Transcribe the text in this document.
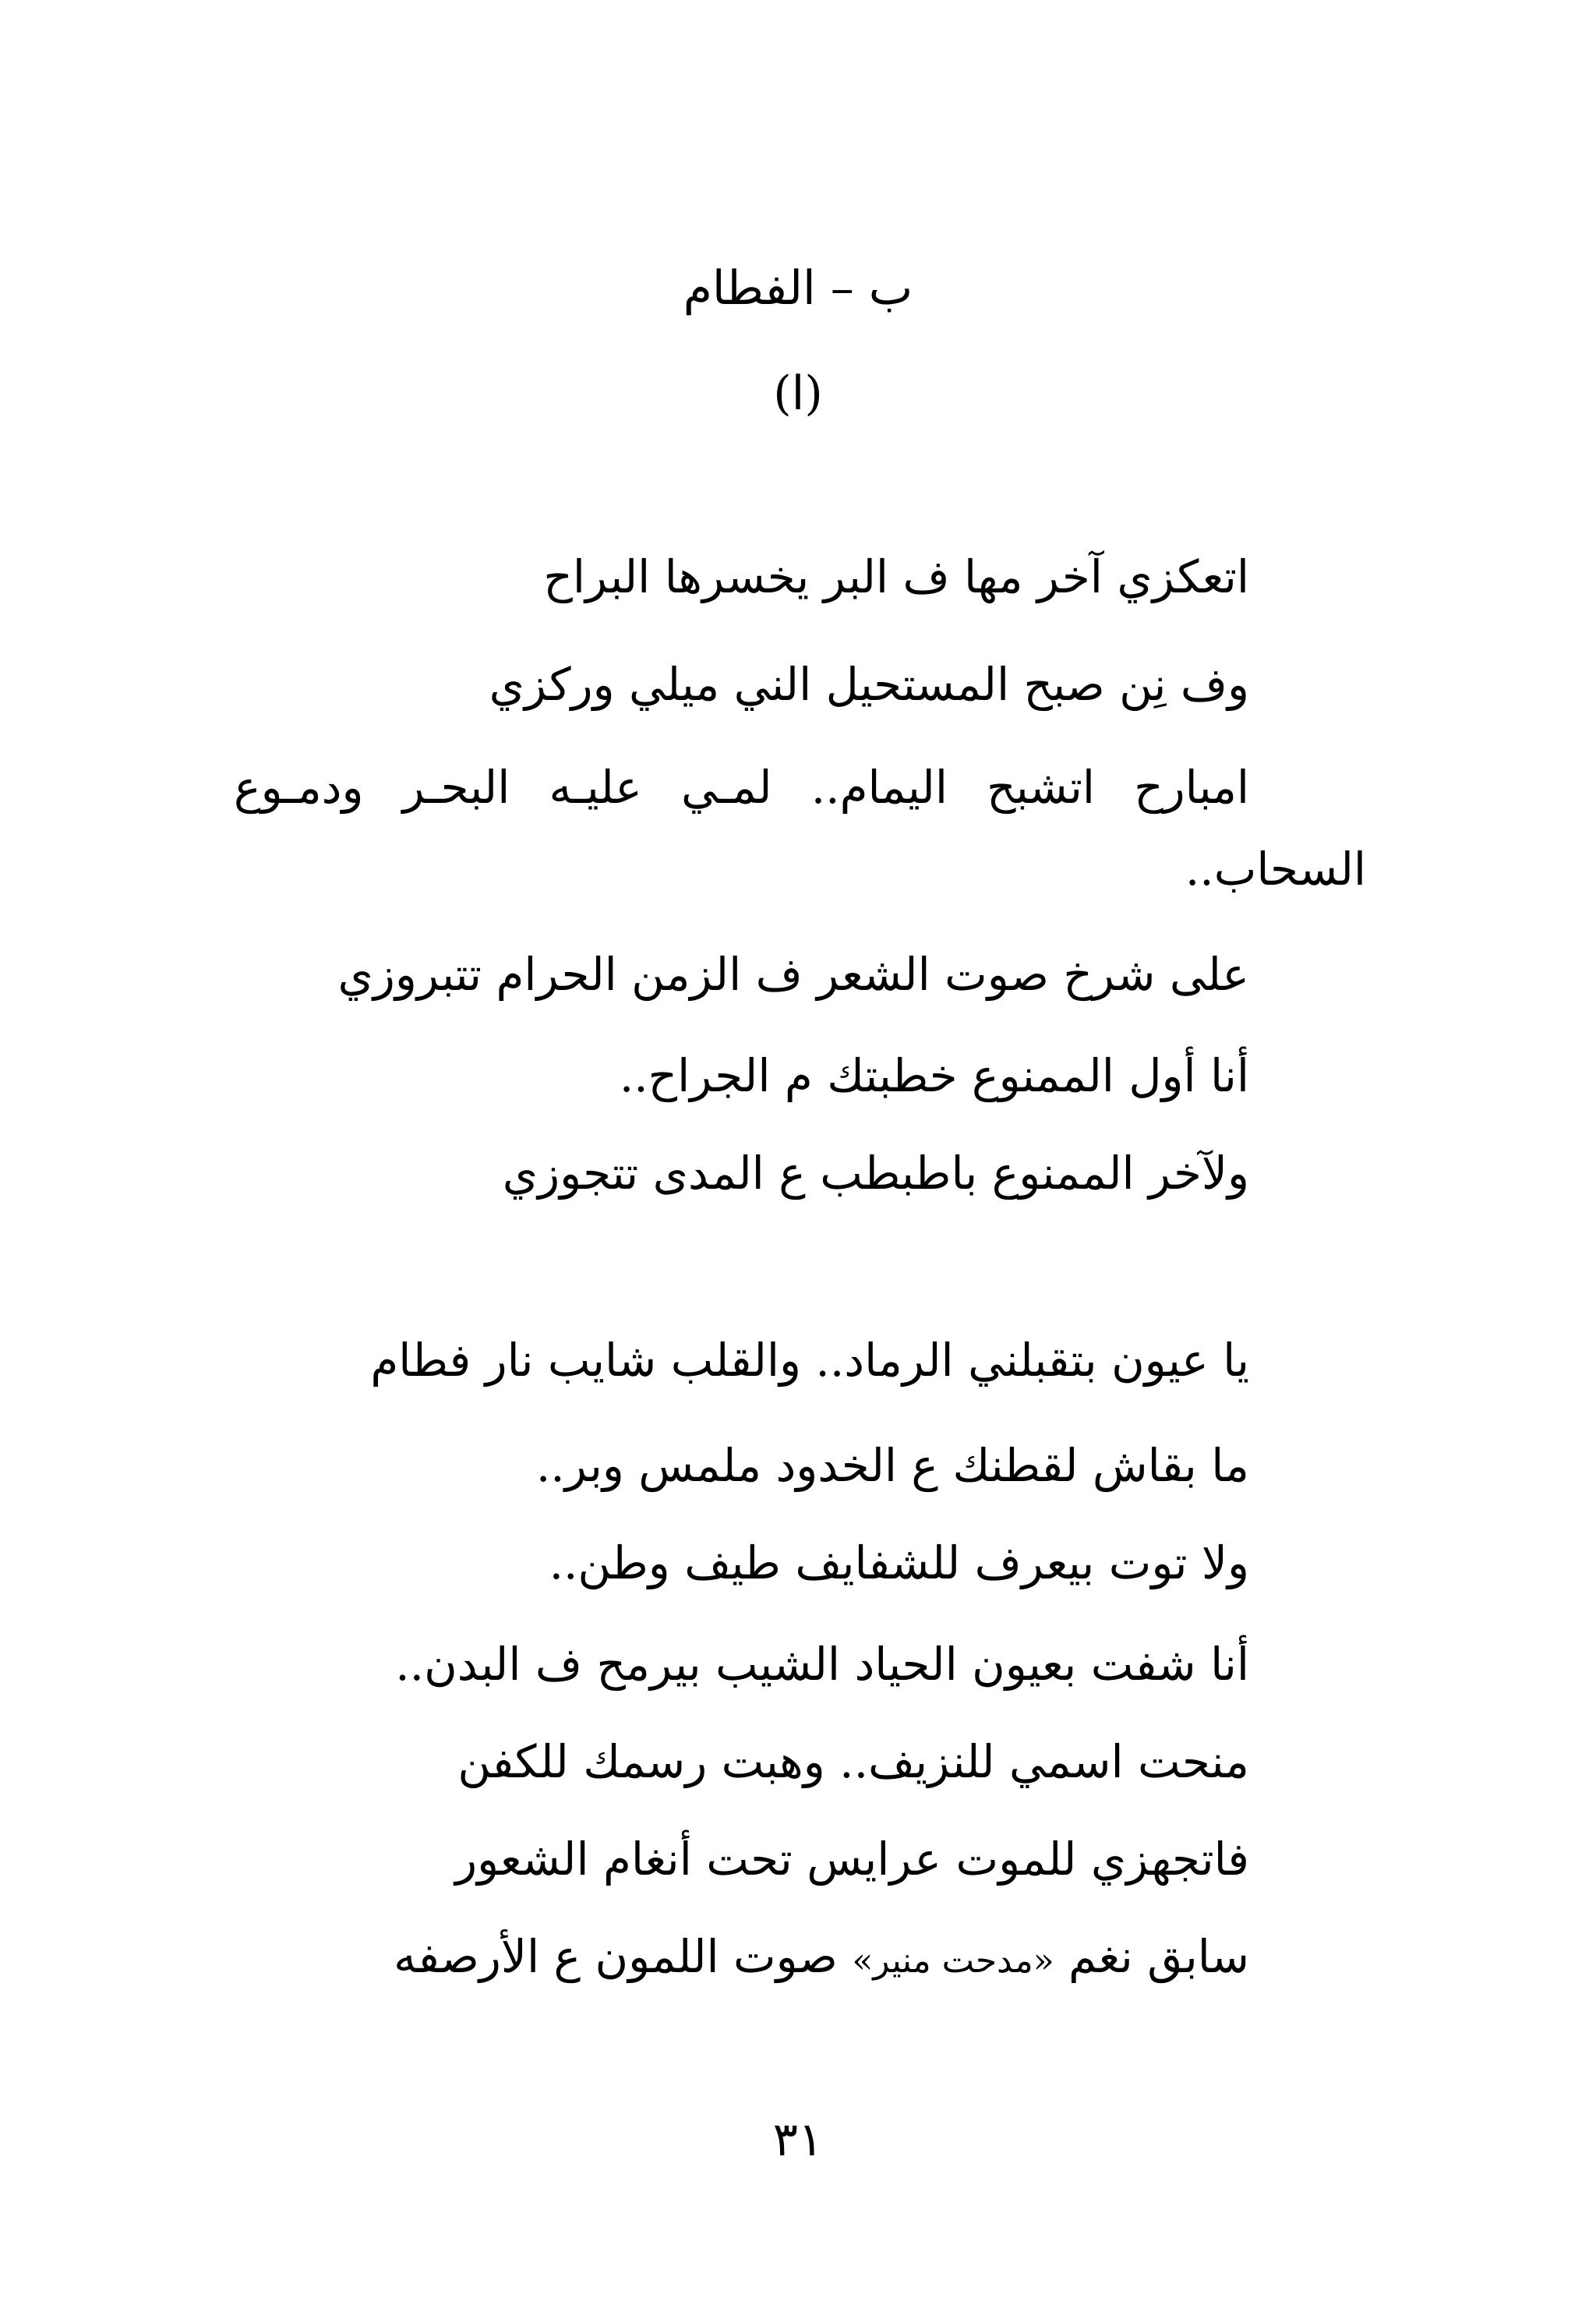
ب – الفطام
(ا)
اتعكزي آخر مها ف البر يخسرها البراح
وف نِن صبح المستحيل الني ميلي وركزي
امبارح اتشبح اليمام.. لمـي عليـه البحـر ودمـوع
السحاب..
على شرخ صوت الشعر ف الزمن الحرام تتبروزي
أنا أول الممنوع خطبتك م الجراح..
ولآخر الممنوع باطبطب ع المدى تتجوزي
يا عيون بتقبلني الرماد.. والقلب شايب نار فطام
ما بقاش لقطنك ع الخدود ملمس وبر..
ولا توت بيعرف للشفايف طيف وطن..
أنا شفت بعيون الحياد الشيب بيرمح ف البدن..
منحت اسمي للنزيف.. وهبت رسمك للكفن
فاتجهزي للموت عرايس تحت أنغام الشعور
سابق نغم «مدحت منير» صوت اللمون ع الأرصفه
٣١
